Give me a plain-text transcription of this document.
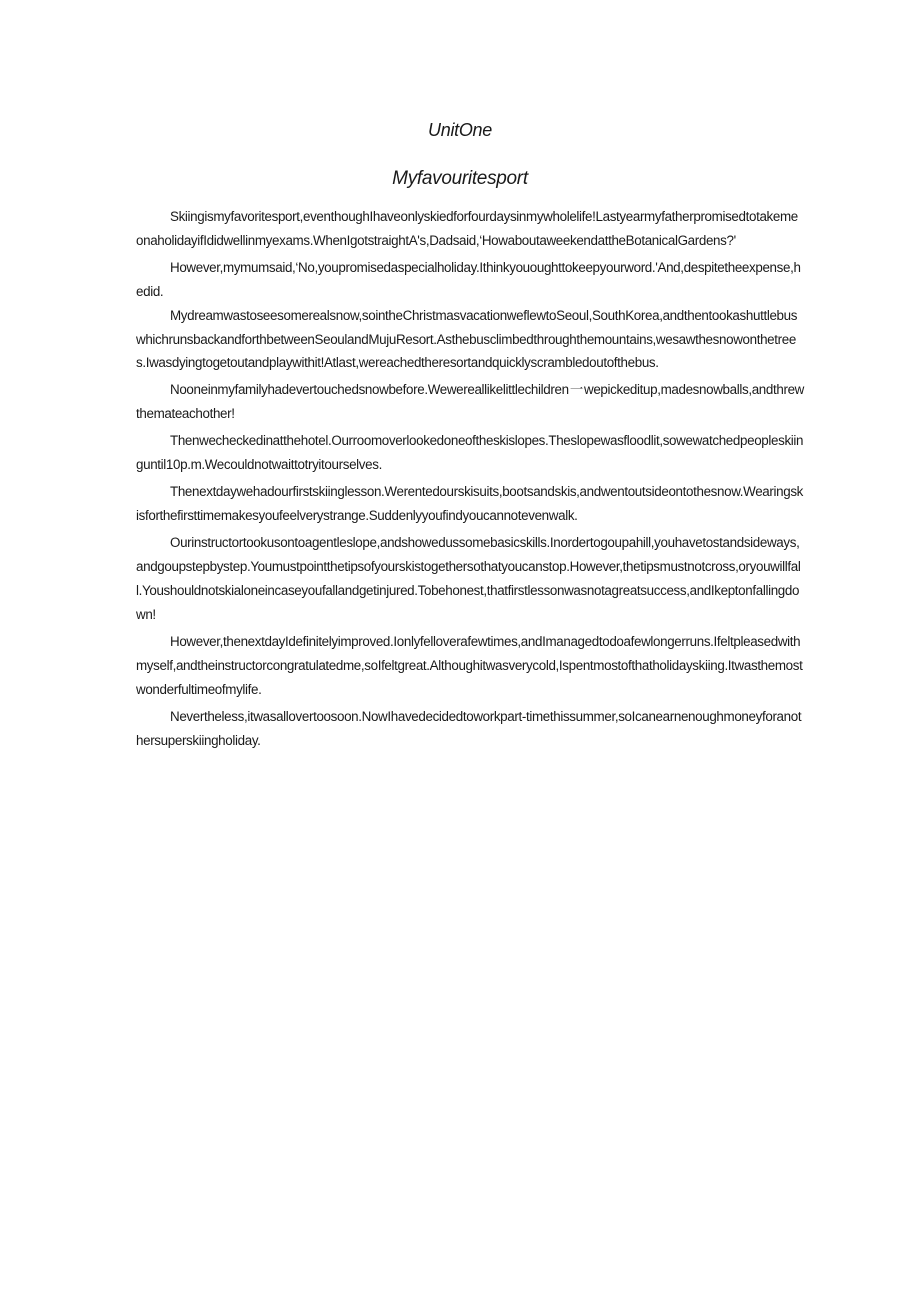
UnitOne
Myfavouritesport

Skiingismyfavoritesport,eventhoughIhaveonlyskiedforfourdaysinmywholelife!LastyearmyfatherpromisedtotakemeonaholidayifIdidwellinmyexams.WhenIgotstraightA's,Dadsaid,‘HowaboutaweekendattheBotanicalGardens?'

However,mymumsaid,‘No,youpromisedaspecialholiday.Ithinkyououghttokeepyourword.'And,despitetheexpense,hedid.

Mydreamwastoseesomerealsnow,sointheChristmasvacationweflewtoSeoul,SouthKorea,andthentookashuttlebuswhichrunsbackandforthbetweenSeoulandMujuResort.Asthebusclimbedthroughthemountains,wesawthesnowonthetrees.Iwasdyingtogetoutandplaywithit!Atlast,wereachedtheresortandquicklyscrambledoutofthebus.

Nooneinmyfamilyhadevertouchedsnowbefore.Wewereallikelittlechildren一wepickeditup,madesnowballs,andthrewthemateachother!

Thenwecheckedinatthehotel.Ourroomoverlookedoneoftheskislopes.Theslopewasfloodlit,sowewatchedpeopleskiinguntil10p.m.Wecouldnotwaittotryitourselves.

Thenextdaywehadourfirstskiinglesson.Werentedourskisuits,bootsandskis,andwentoutsideontothesnow.Wearingskisforthefirsttimemakesyoufeelverystrange.Suddenlyyoufindyoucannotevenwalk.

Ourinstructortookusontoagentleslope,andshowedussomebasicskills.Inordertogoupahill,youhavetostandsideways,andgoupstepbystep.Youmustpointthetipsofyourskistogethersothatyoucanstop.However,thetipsmustnotcross,oryouwillfall.Youshouldnotskialoneincaseyoufallandgetinjured.Tobehonest,thatfirstlessonwasnotagreatsuccess,andIkeptonfallingdown!

However,thenextdayIdefinitelyimproved.Ionlyfelloverafewtimes,andImanagedtodoafewlongerruns.Ifeltpleasedwithmyself,andtheinstructorcongratulatedme,soIfeltgreat.Althoughitwasverycold,Ispentmostofthatholidayskiing.Itwasthemostwonderfultimeofmylife.

Nevertheless,itwasallovertoosoon.NowIhavedecidedtoworkpart-timethissummer,soIcanearnenoughmoneyforanothersuperskiingholiday.
